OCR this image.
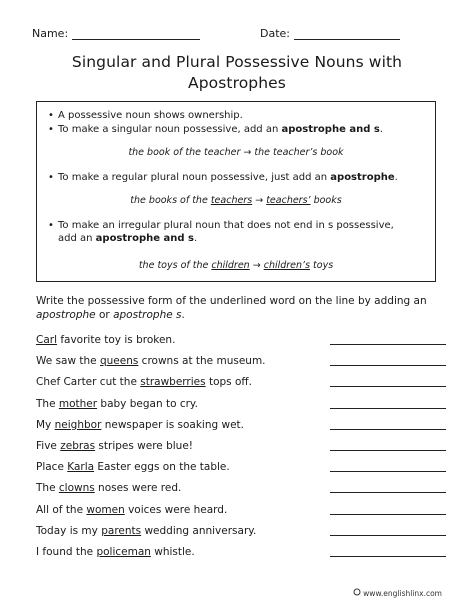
Name:	Date:
Singular and Plural Possessive Nouns with
Apostrophes
• A possessive noun shows ownership.
• To make a singular noun possessive, add an apostrophe and s.
the book of the teacher → the teacher’s book
• To make a regular plural noun possessive, just add an apostrophe.
the books of the teachers → teachers’ books
• To make an irregular plural noun that does not end in s possessive,
add an apostrophe and s.
the toys of the children → children’s toys
Write the possessive form of the underlined word on the line by adding an
apostrophe or apostrophe s.
Carl favorite toy is broken.
We saw the queens crowns at the museum.
Chef Carter cut the strawberries tops off.
The mother baby began to cry.
My neighbor newspaper is soaking wet.
Five zebras stripes were blue!
Place Karla Easter eggs on the table.
The clowns noses were red.
All of the women voices were heard.
Today is my parents wedding anniversary.
I found the policeman whistle.
www.englishlinx.com
